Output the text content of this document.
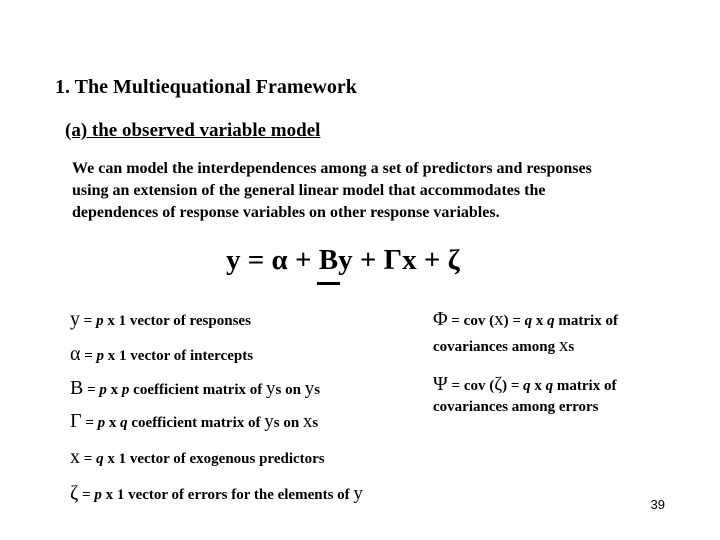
1. The Multiequational Framework
(a) the observed variable model
We can model the interdependences among a set of predictors and responses
using an extension of the general linear model that accommodates the
dependences of response variables on other response variables.
y = α + By + Γx + ζ
y = p x 1 vector of responses
α = p x 1 vector of intercepts
B = p x p coefficient matrix of ys on ys
Γ = p x q coefficient matrix of ys on xs
x = q x 1 vector of exogenous predictors
ζ = p x 1 vector of errors for the elements of y
Φ = cov (x) = q x q matrix of
covariances among xs
Ψ = cov (ζ) = q x q matrix of
covariances among errors
39
